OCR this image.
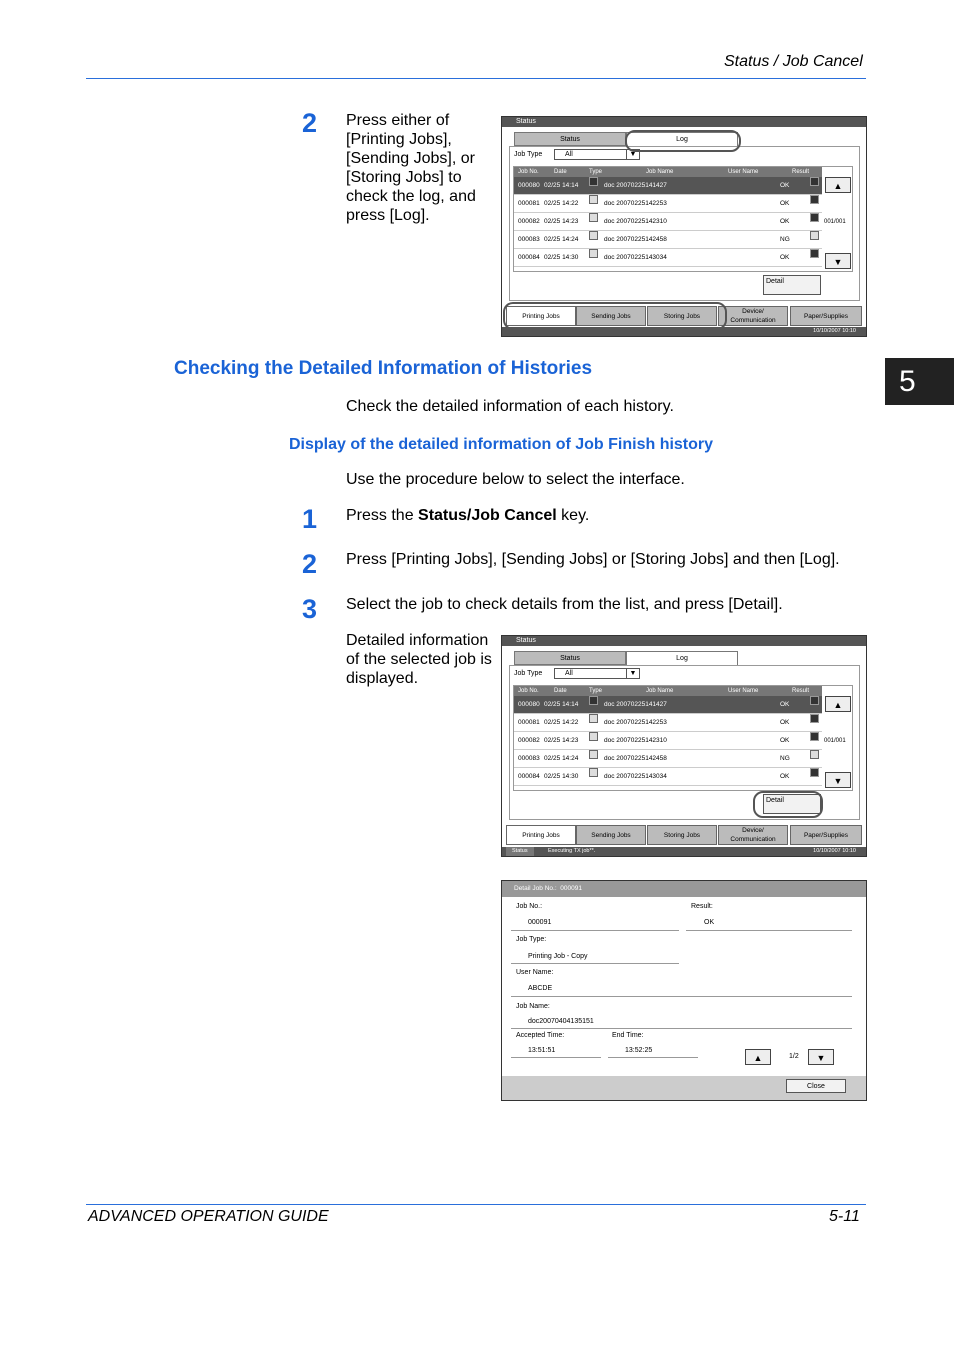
Status / Job Cancel
5
2 Press either of
[Printing Jobs],
[Sending Jobs], or
[Storing Jobs] to
check the log, and
press [Log].
Status
Status	Log
Job Type	All	▼
Job No.	Date	Type	Job Name	User Name	Result
000080 02/25 14:14	doc 20070225141427	OK
000081 02/25 14:22	doc 20070225142253	OK
000082 02/25 14:23	doc 20070225142310	OK
000083 02/25 14:24	doc 20070225142458	NG
000084 02/25 14:30	doc 20070225143034	OK
▲
001/001
▼
Detail
Printing Jobs	Sending Jobs	Storing Jobs
Device/ Communication
Paper/Supplies
10/10/2007 10:10
Checking the Detailed Information of Histories
Check the detailed information of each history.
Display of the detailed information of Job Finish history
Use the procedure below to select the interface.
1 Press the Status/Job Cancel key.
2 Press [Printing Jobs], [Sending Jobs] or [Storing Jobs] and then [Log].
3 Select the job to check details from the list, and press [Detail].
Detailed information
of the selected job is
displayed.
Status
Status	Log
Job Type	All	▼
Job No.	Date	Type	Job Name	User Name	Result
000080 02/25 14:14	doc 20070225141427	OK
000081 02/25 14:22	doc 20070225142253	OK
000082 02/25 14:23	doc 20070225142310	OK
000083 02/25 14:24	doc 20070225142458	NG
000084 02/25 14:30	doc 20070225143034	OK
▲
001/001
▼
Detail
Printing Jobs	Sending Jobs	Storing Jobs
Device/ Communication
Paper/Supplies
Status	Executing TX job**.	10/10/2007 10:10
Detail Job No.: 000091
Job No.:
000091
Result:
OK
Job Type:
Printing Job - Copy
User Name:
ABCDE
Job Name:
doc20070404135151
Accepted Time:
13:51:51
End Time:
13:52:25
▲	1/2	▼
Close
ADVANCED OPERATION GUIDE	5-11
